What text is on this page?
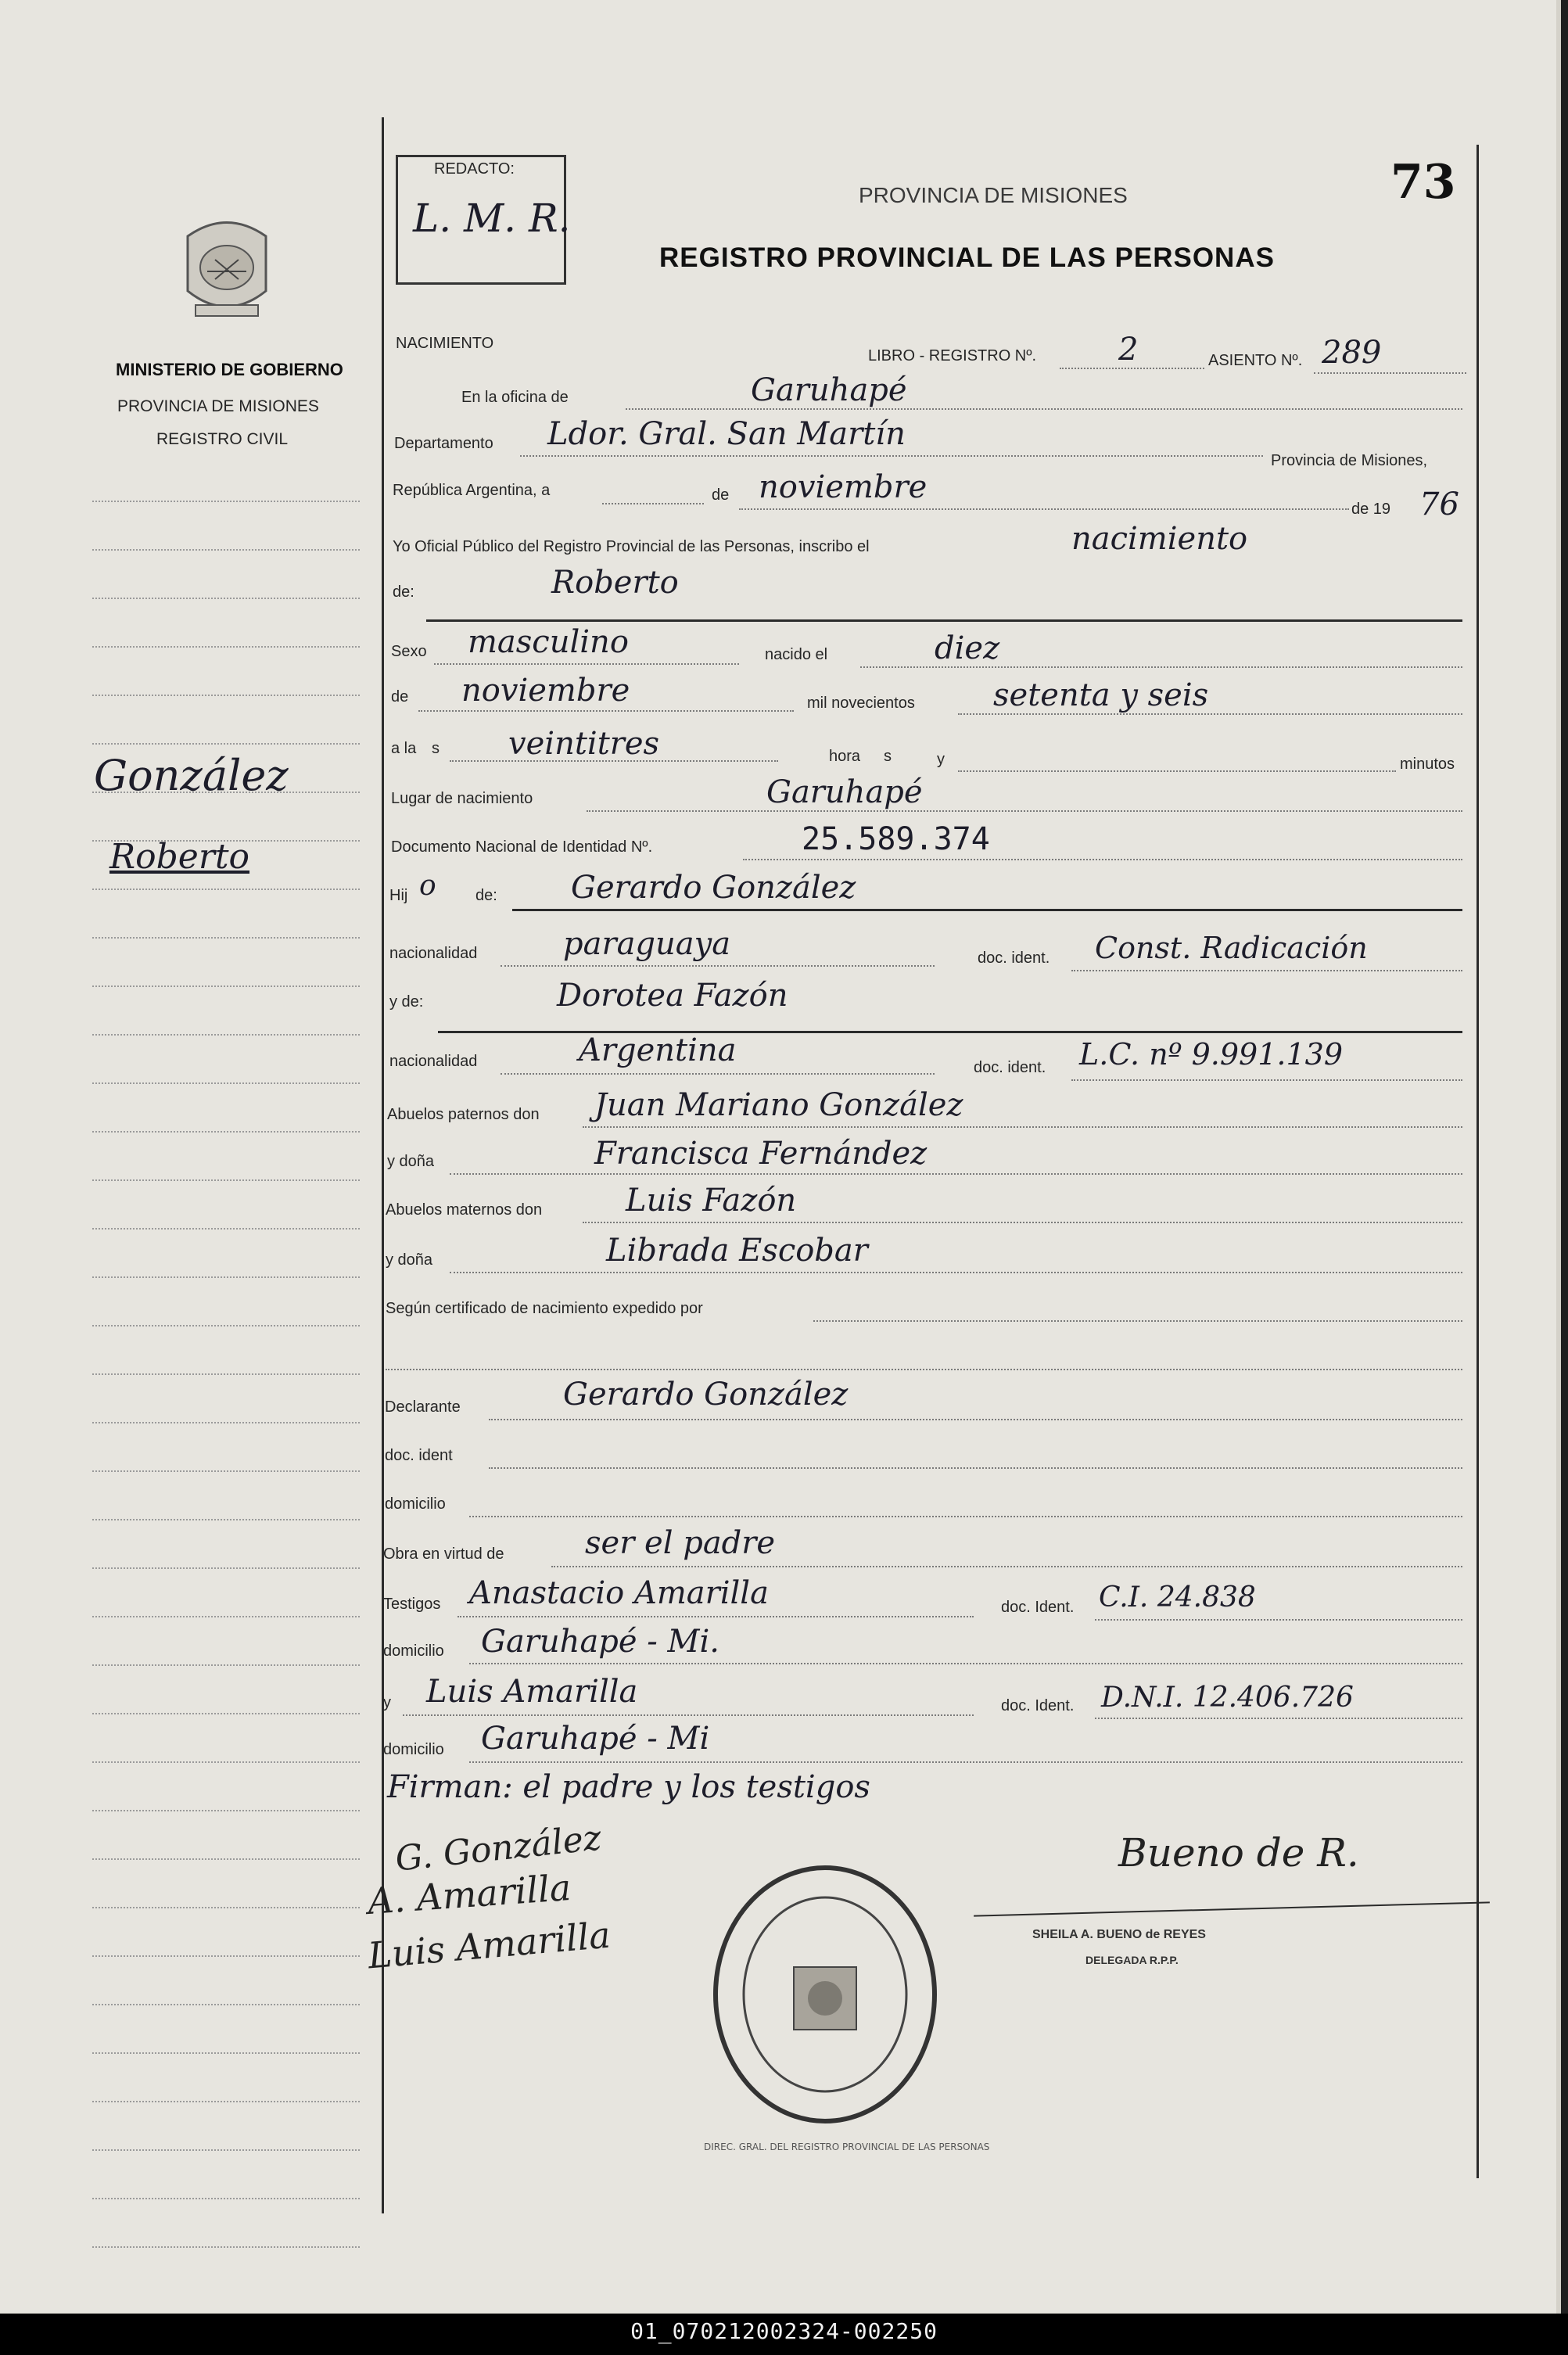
MINISTERIO DE GOBIERNO
PROVINCIA DE MISIONES
REGISTRO CIVIL
González
Roberto
REDACTO:
L. M. R.
PROVINCIA DE MISIONES	73
REGISTRO PROVINCIAL DE LAS PERSONAS
NACIMIENTO
LIBRO - REGISTRO Nº.	2	ASIENTO Nº. 289
En la oficina de	Garuhapé
Departamento Ldor. Gral. San Martín
Provincia de Misiones,
República Argentina, a	de noviembre
de 19 76
Yo Oficial Público del Registro Provincial de las Personas, inscribo el	nacimiento
de:	Roberto
Sexo masculino	nacido el	diez
de noviembre	mil novecientos	setenta y seis
a la s veintitres	hora s	y	minutos
Lugar de nacimiento	Garuhapé
Documento Nacional de Identidad Nº.	25.589.374
Hij o	de: Gerardo González
nacionalidad	paraguaya	doc. ident. Const. Radicación
y de:	Dorotea Fazón
nacionalidad	Argentina	doc. ident. L.C. nº 9.991.139
Abuelos paternos don Juan Mariano González
y doña	Francisca Fernández
Abuelos maternos don	Luis Fazón
y doña	Librada Escobar
Según certificado de nacimiento expedido por
Declarante	Gerardo González
doc. ident
domicilio
Obra en virtud de	ser el padre
Testigos Anastacio Amarilla	doc. Ident. C.I. 24.838
domicilio Garuhapé - Mi.
y Luis Amarilla	doc. Ident. D.N.I. 12.406.726
domicilio Garuhapé - Mi
Firman: el padre y los testigos
G. González
A. Amarilla
Luis Amarilla
DIREC. GRAL. DEL REGISTRO PROVINCIAL DE LAS PERSONAS
Bueno de R.
SHEILA A. BUENO de REYES
DELEGADA R.P.P.
01_070212002324-002250
